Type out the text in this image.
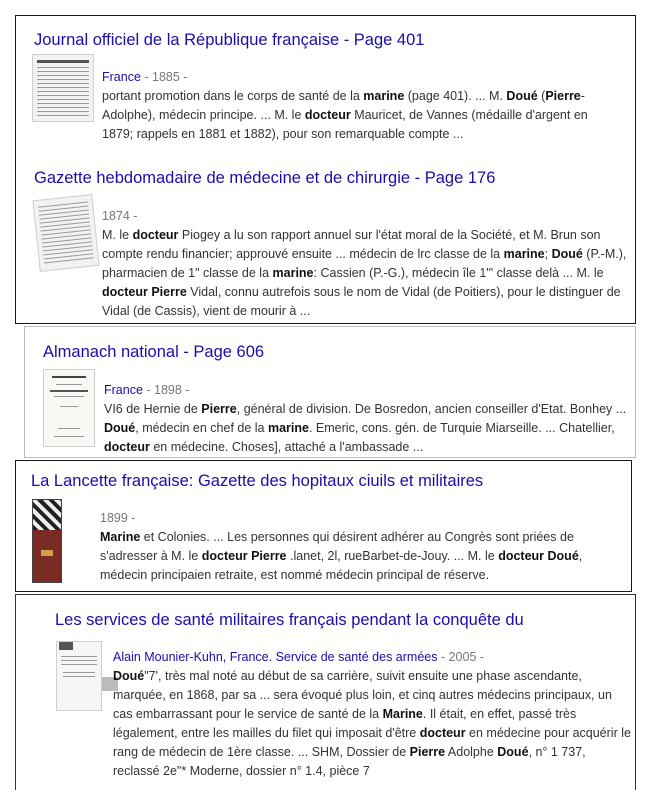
Journal officiel de la République française - Page 401
France - 1885 -
portant promotion dans le corps de santé de la marine (page 401). ... M. Doué (Pierre-Adolphe), médecin principe. ... M. le docteur Mauricet, de Vannes (médaille d'argent en 1879; rappels en 1881 et 1882), pour son remarquable compte ...
Gazette hebdomadaire de médecine et de chirurgie - Page 176
1874 -
M. le docteur Piogey a lu son rapport annuel sur l'état moral de la Société, et M. Brun son compte rendu financier; approuvé ensuite ... médecin de lrc classe de la marine; Doué (P.-M.), pharmacien de 1" classe de la marine: Cassien (P.-G.), médecin île 1'" classe delà ... M. le docteur Pierre Vidal, connu autrefois sous le nom de Vidal (de Poitiers), pour le distinguer de Vidal (de Cassis), vient de mourir à ...
Almanach national - Page 606
France - 1898 -
VI6 de Hernie de Pierre, général de division. De Bosredon, ancien conseiller d'Etat. Bonhey ... Doué, médecin en chef de la marine. Emeric, cons. gén. de Turquie Miarseille. ... Chatellier, docteur en médecine. Choses], attaché a l'ambassade ...
La Lancette française: Gazette des hopitaux ciuils et militaires
1899 -
Marine et Colonies. ... Les personnes qui désirent adhérer au Congrès sont priées de s'adresser à M. le docteur Pierre .lanet, 2l, rueBarbet-de-Jouy. ... M. le docteur Doué, médecin principaien retraite, est nommé médecin principal de réserve.
Les services de santé militaires français pendant la conquête du
Alain Mounier-Kuhn, France. Service de santé des armées - 2005 -
Doué"7', très mal noté au début de sa carrière, suivit ensuite une phase ascendante, marquée, en 1868, par sa ... sera évoqué plus loin, et cinq autres médecins principaux, un cas embarrassant pour le service de santé de la Marine. Il était, en effet, passé très légalement, entre les mailles du filet qui imposait d'être docteur en médecine pour acquérir le rang de médecin de 1ère classe. ... SHM, Dossier de Pierre Adolphe Doué, n° 1 737, reclassé 2e"* Moderne, dossier n° 1.4, pièce 7
